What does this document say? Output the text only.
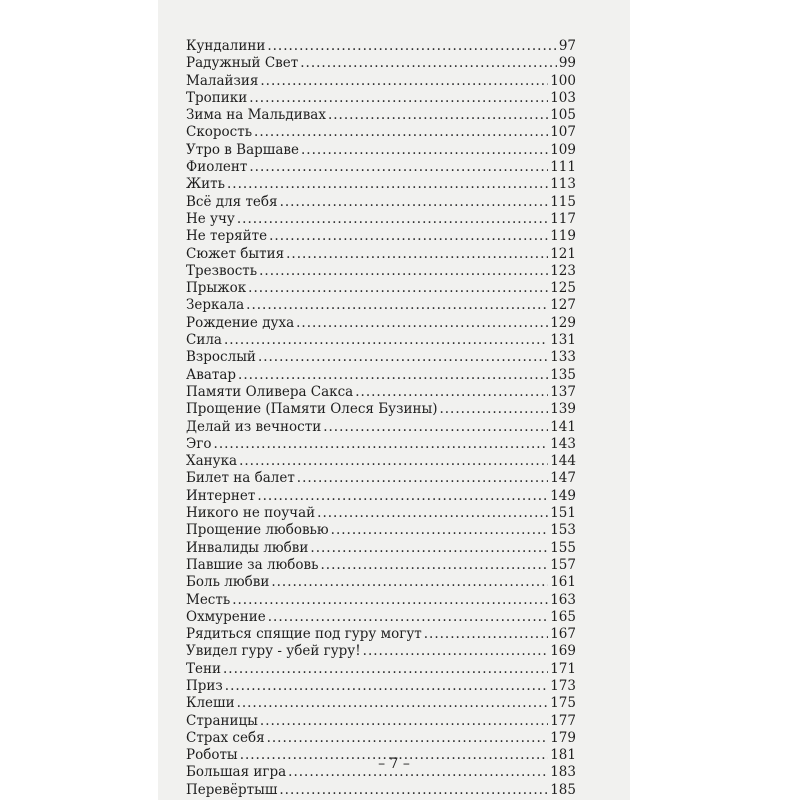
Кундалини .....	97
Радужный Свет .....	99
Малайзия .....	100
Тропики .....	103
Зима на Мальдивах .....	105
Скорость .....	107
Утро в Варшаве .....	109
Фиолент .....	111
Жить .....	113
Всё для тебя .....	115
Не учу .....	117
Не теряйте .....	119
Сюжет бытия .....	121
Трезвость .....	123
Прыжок .....	125
Зеркала .....	127
Рождение духа .....	129
Сила .....	131
Взрослый .....	133
Аватар .....	135
Памяти Оливера Сакса .....	137
Прощение (Памяти Олеся Бузины) .....	139
Делай из вечности .....	141
Эго .....	143
Ханука .....	144
Билет на балет .....	147
Интернет .....	149
Никого не поучай .....	151
Прощение любовью .....	153
Инвалиды любви .....	155
Павшие за любовь .....	157
Боль любви .....	161
Месть .....	163
Охмурение .....	165
Рядиться спящие под гуру могут .....	167
Увидел гуру - убей гуру! .....	169
Тени .....	171
Приз .....	173
Клеши .....	175
Страницы .....	177
Страх себя .....	179
Роботы .....	181
Большая игра .....	183
Перевёртыш .....	185
– 7 –
